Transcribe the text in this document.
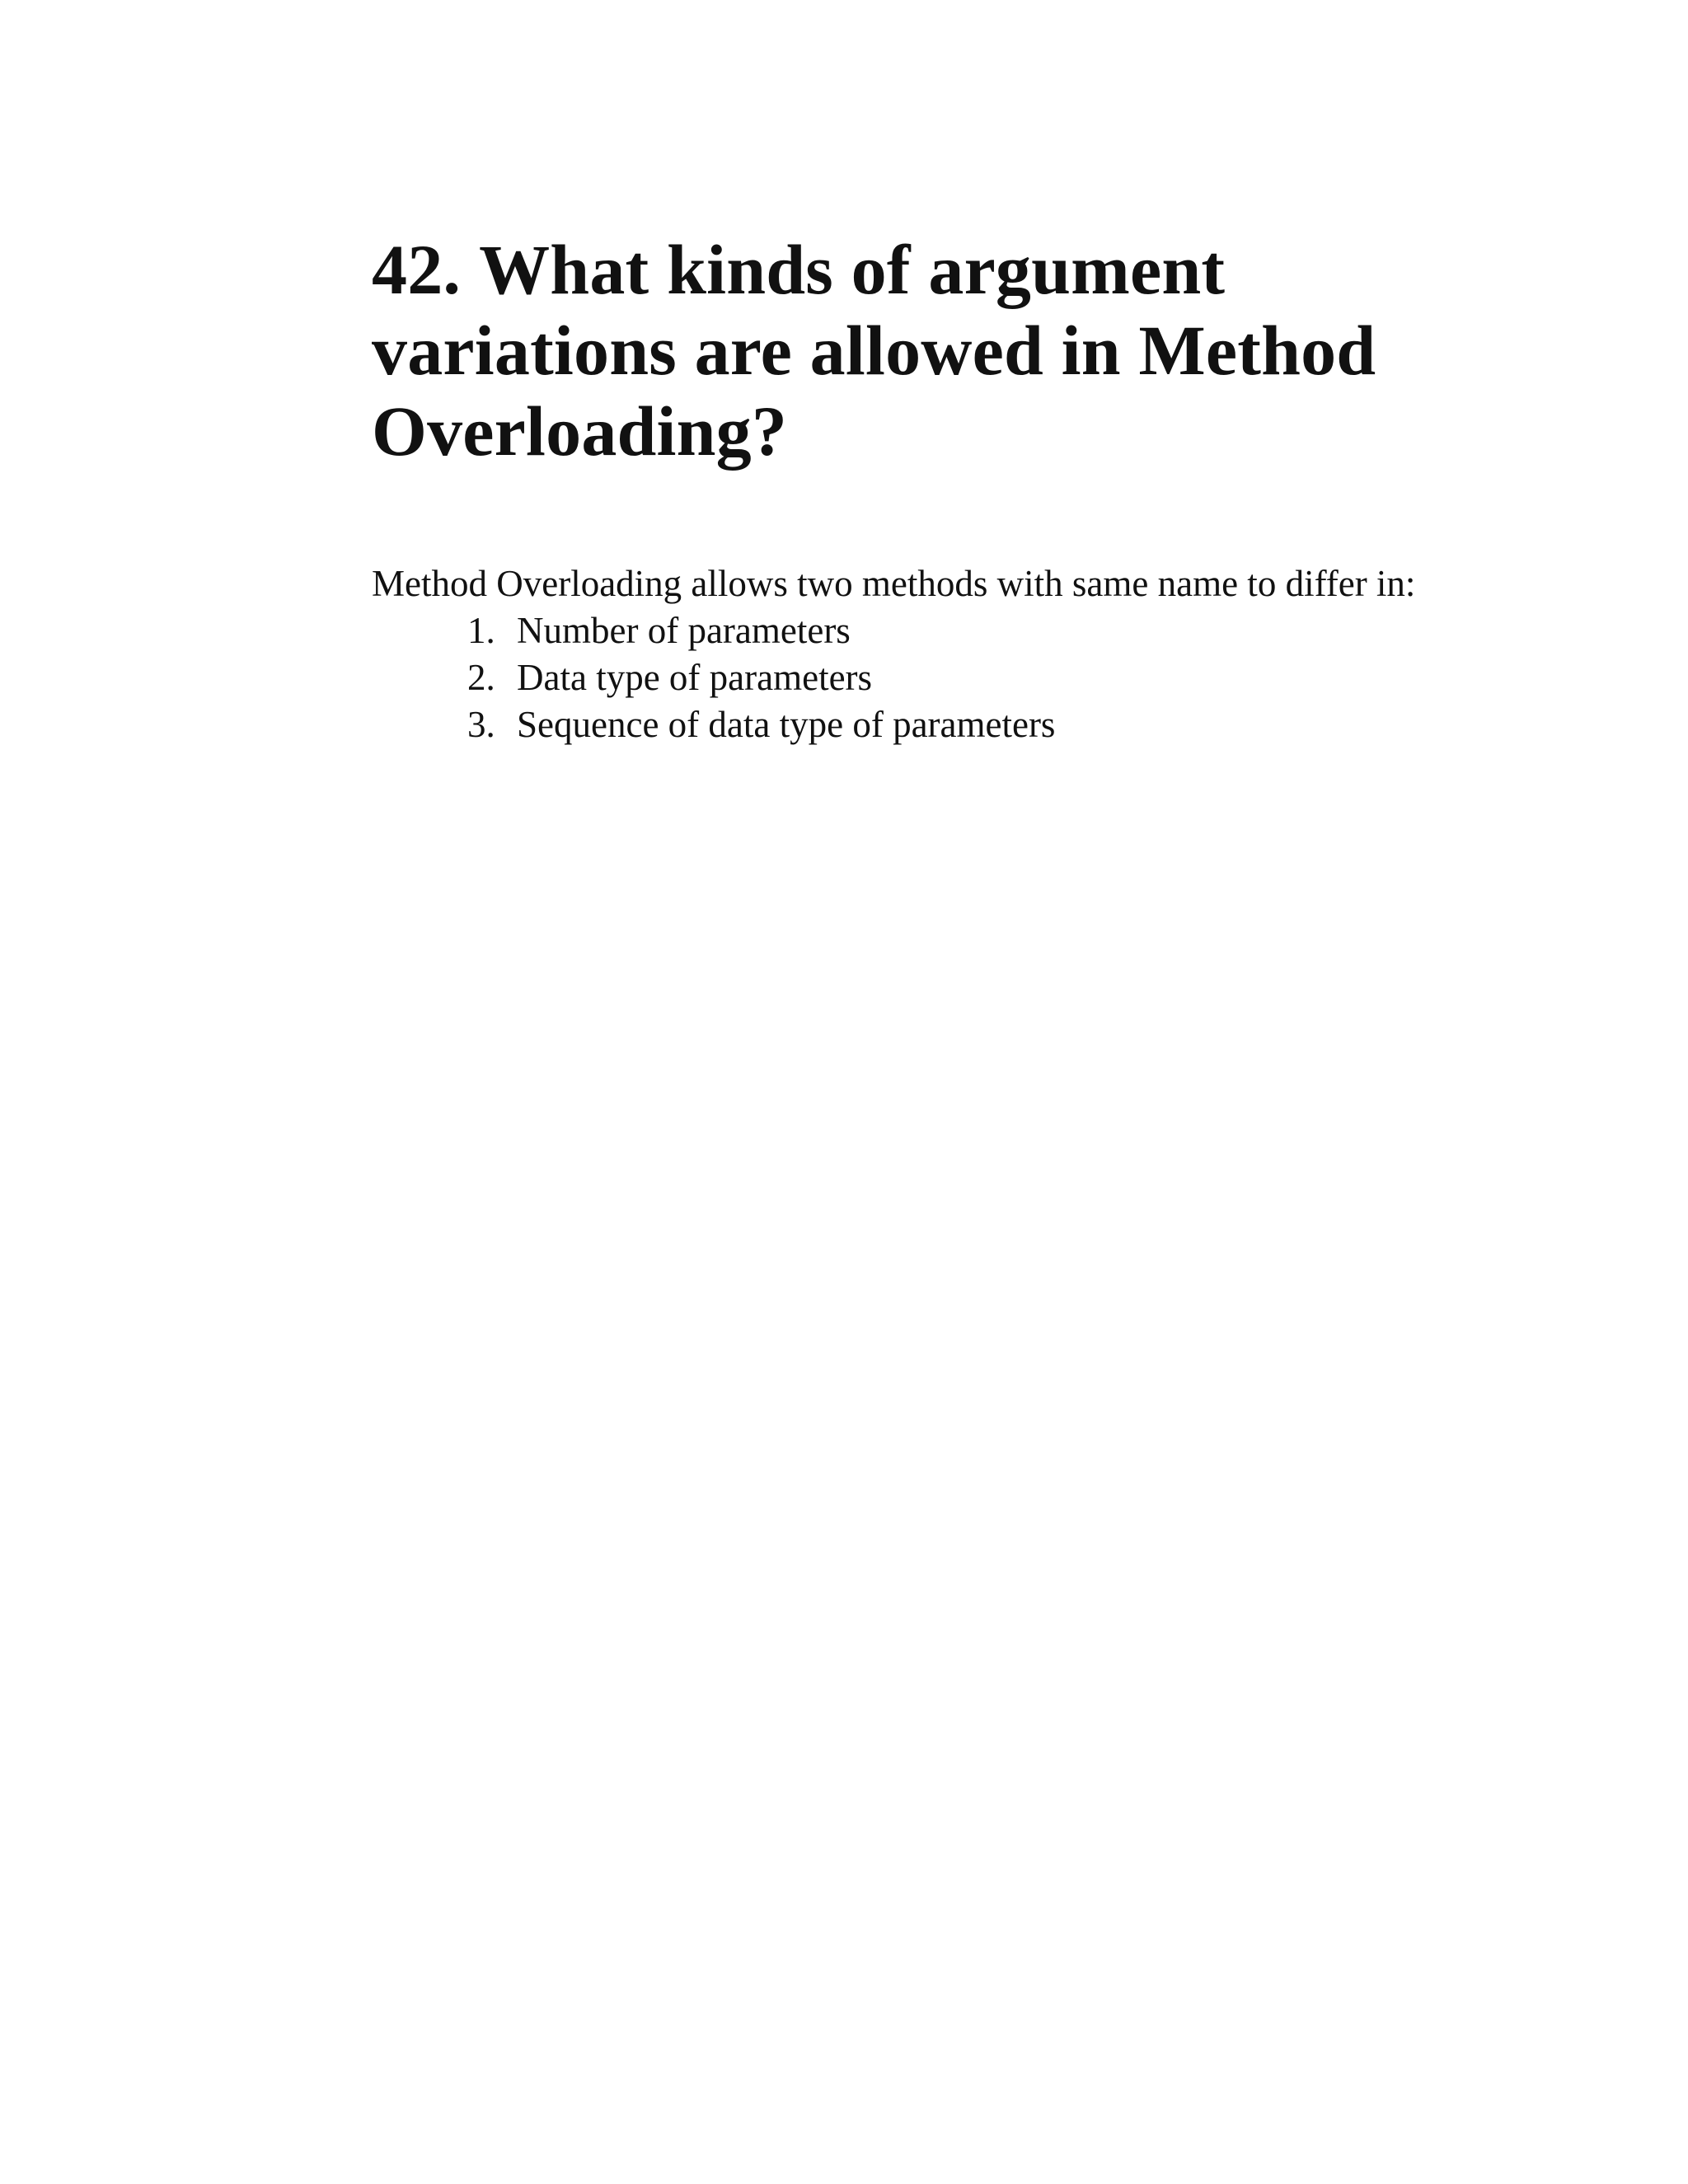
42. What kinds of argument variations are allowed in Method Overloading?

Method Overloading allows two methods with same name to differ in:

1. Number of parameters
2. Data type of parameters
3. Sequence of data type of parameters
